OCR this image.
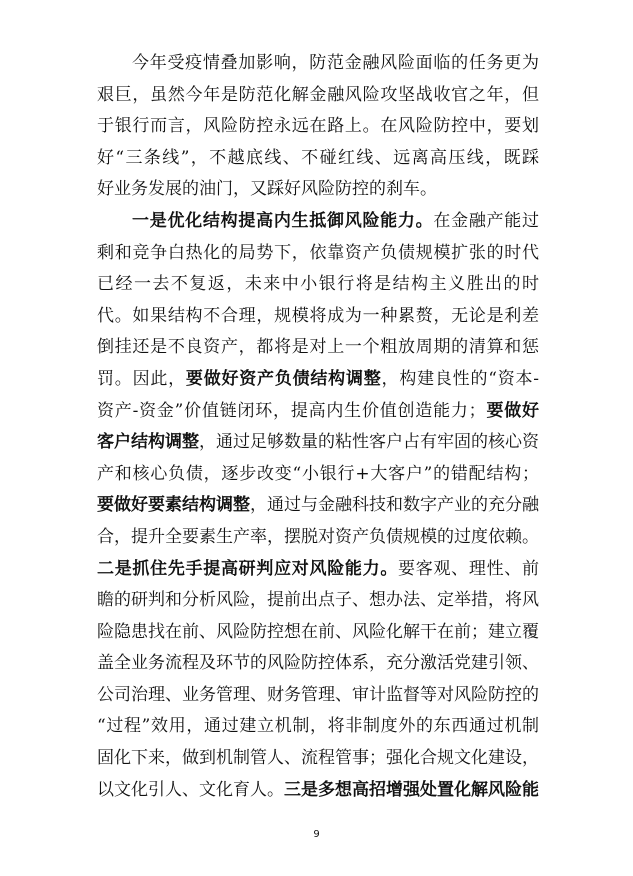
今年受疫情叠加影响，防范金融风险面临的任务更为
艰巨，虽然今年是防范化解金融风险攻坚战收官之年，但
于银行而言，风险防控永远在路上。在风险防控中，要划
好“三条线”，不越底线、不碰红线、远离高压线，既踩
好业务发展的油门，又踩好风险防控的刹车。
一是优化结构提高内生抵御风险能力。在金融产能过
剩和竞争白热化的局势下，依靠资产负债规模扩张的时代
已经一去不复返，未来中小银行将是结构主义胜出的时
代。如果结构不合理，规模将成为一种累赘，无论是利差
倒挂还是不良资产，都将是对上一个粗放周期的清算和惩
罚。因此，要做好资产负债结构调整，构建良性的“资本-
资产-资金”价值链闭环，提高内生价值创造能力；要做好
客户结构调整，通过足够数量的粘性客户占有牢固的核心资
产和核心负债，逐步改变“小银行+大客户”的错配结构；
要做好要素结构调整，通过与金融科技和数字产业的充分融
合，提升全要素生产率，摆脱对资产负债规模的过度依赖。
二是抓住先手提高研判应对风险能力。要客观、理性、前
瞻的研判和分析风险，提前出点子、想办法、定举措，将风
险隐患找在前、风险防控想在前、风险化解干在前；建立覆
盖全业务流程及环节的风险防控体系，充分激活党建引领、
公司治理、业务管理、财务管理、审计监督等对风险防控的
“过程”效用，通过建立机制，将非制度外的东西通过机制
固化下来，做到机制管人、流程管事；强化合规文化建设，
以文化引人、文化育人。三是多想高招增强处置化解风险能
9
